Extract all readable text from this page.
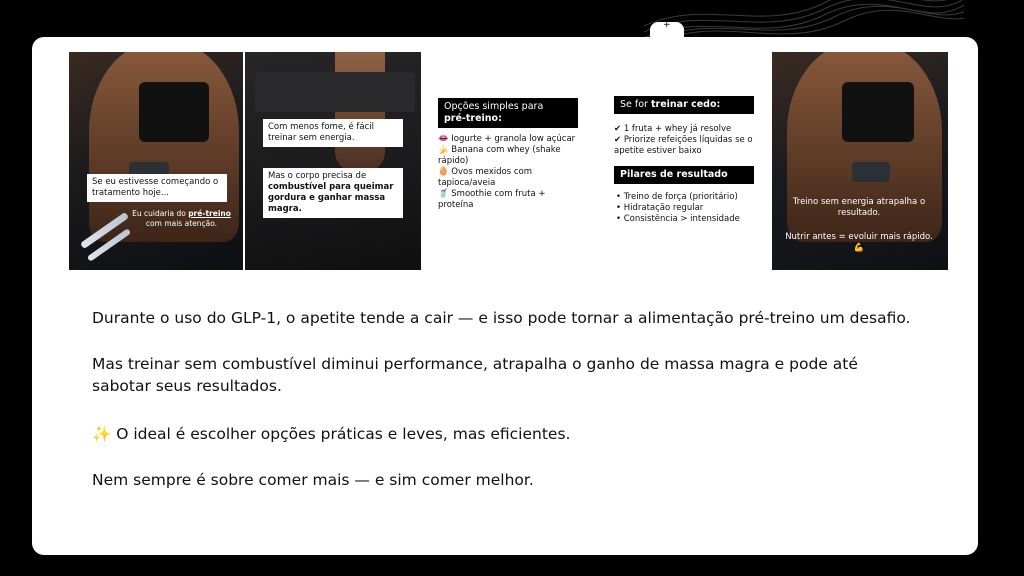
+
Se eu estivesse começando o tratamento hoje...
Eu cuidaria do pré-treino com mais atenção.
Com menos fome, é fácil treinar sem energia.
Mas o corpo precisa de combustível para queimar gordura e ganhar massa magra.
Opções simples para
pré-treino:
👄 Iogurte + granola low açúcar
🍌 Banana com whey (shake rápido)
🥚 Ovos mexidos com tapioca/aveia
🥤 Smoothie com fruta + proteína
Se for treinar cedo:
✔ 1 fruta + whey já resolve
✔ Priorize refeições líquidas se o apetite estiver baixo
Pilares de resultado
• Treino de força (prioritário)
• Hidratação regular
• Consistência > intensidade
Treino sem energia atrapalha o resultado.
Nutrir antes = evoluir mais rápido. 💪
Durante o uso do GLP-1, o apetite tende a cair — e isso pode tornar a alimentação pré-treino um desafio.
Mas treinar sem combustível diminui performance, atrapalha o ganho de massa magra e pode até
sabotar seus resultados.
✨ O ideal é escolher opções práticas e leves, mas eficientes.
Nem sempre é sobre comer mais — e sim comer melhor.
